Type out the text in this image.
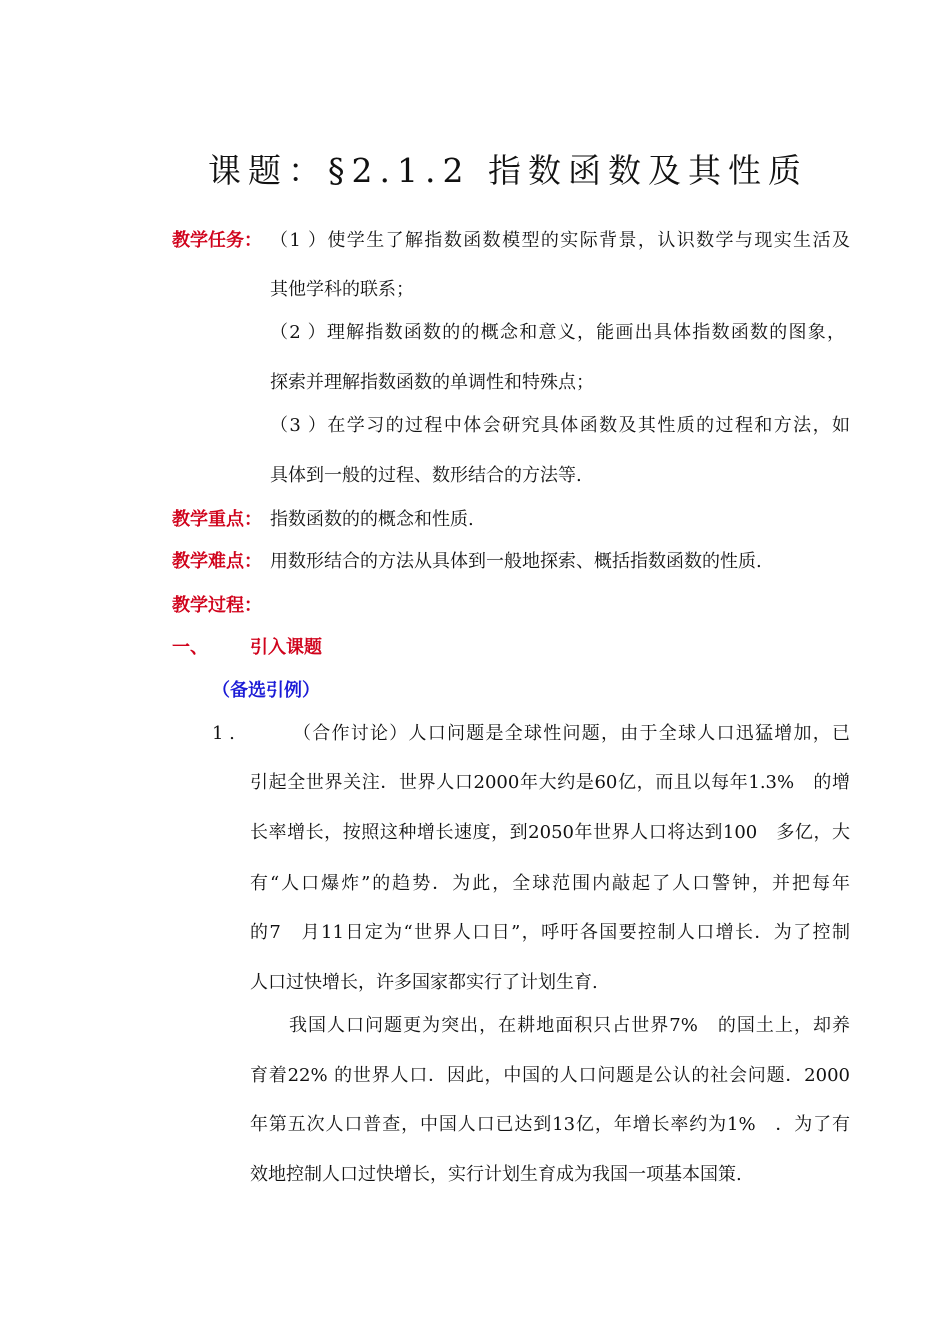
课题：§2.1.2 指数函数及其性质
教学任务： （1 ）使学生了解指数函数模型的实际背景，认识数学与现实生活及
其他学科的联系；
（2 ）理解指数函数的的概念和意义，能画出具体指数函数的图象，
探索并理解指数函数的单调性和特殊点；
（3 ）在学习的过程中体会研究具体函数及其性质的过程和方法，如
具体到一般的过程、数形结合的方法等.
教学重点： 指数函数的的概念和性质.
教学难点： 用数形结合的方法从具体到一般地探索、概括指数函数的性质.
教学过程：
一、 引入课题
（备选引例）
1 .	（合作讨论）人口问题是全球性问题，由于全球人口迅猛增加，已
引起全世界关注．世界人口2000年大约是60亿，而且以每年1.3%　的增
长率增长，按照这种增长速度，到2050年世界人口将达到100　多亿，大
有“人口爆炸”的趋势．为此，全球范围内敲起了人口警钟，并把每年
的7　月11日定为“世界人口日”，呼吁各国要控制人口增长．为了控制
人口过快增长，许多国家都实行了计划生育.
我国人口问题更为突出，在耕地面积只占世界7%　的国土上，却养
育着22% 的世界人口．因此，中国的人口问题是公认的社会问题．2000
年第五次人口普查，中国人口已达到13亿，年增长率约为1%　．为了有
效地控制人口过快增长，实行计划生育成为我国一项基本国策.
